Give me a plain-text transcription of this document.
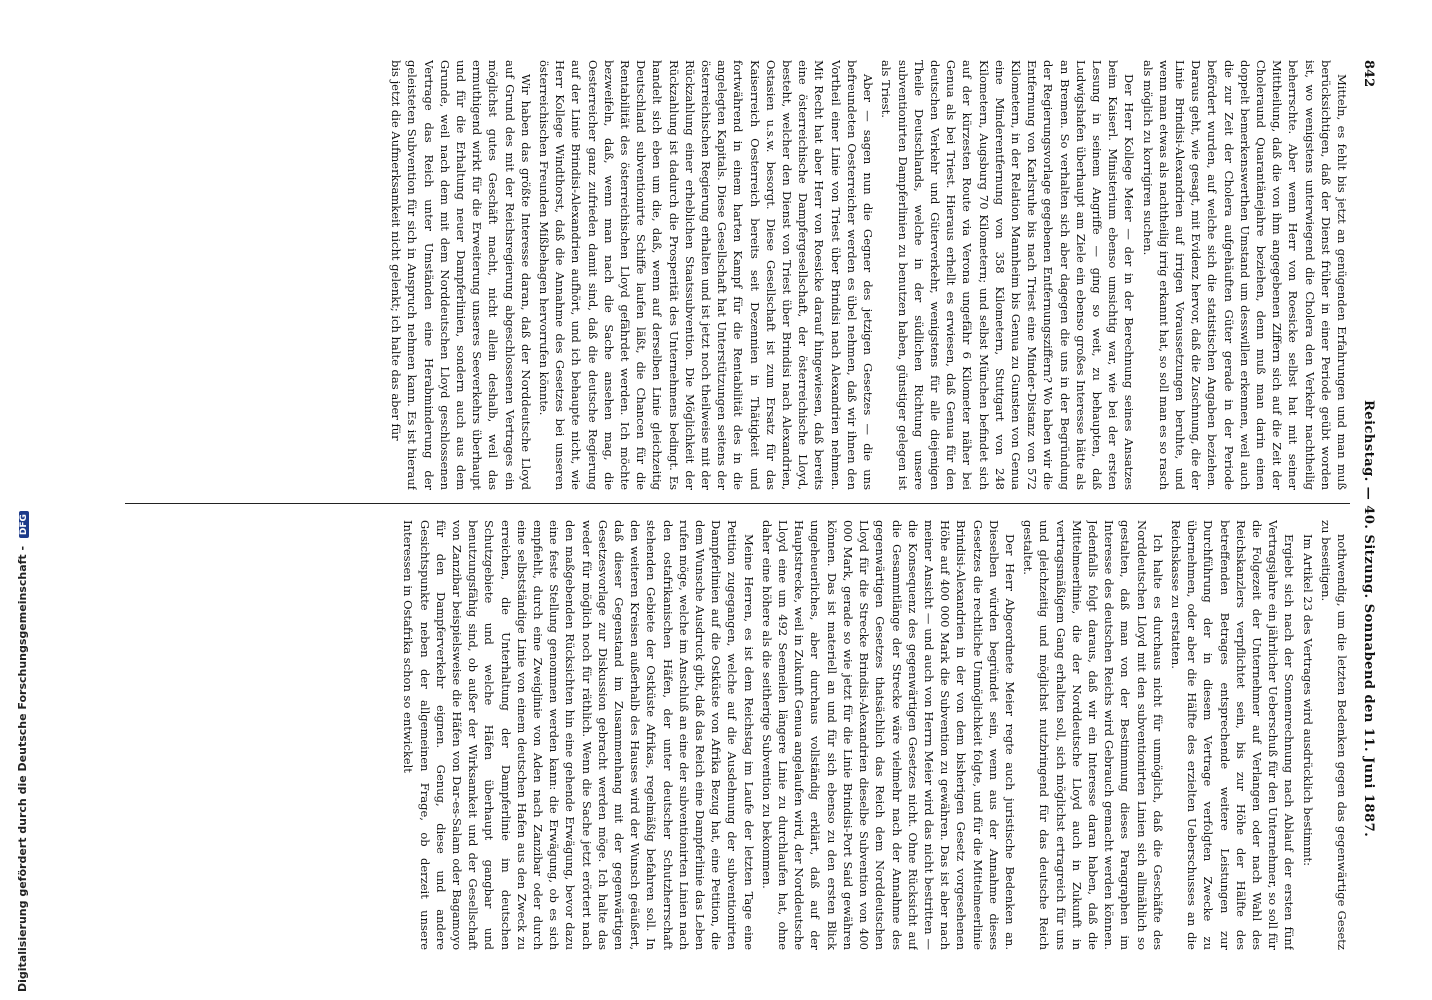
842
Reichstag. — 40. Sitzung. Sonnabend den 11. Juni 1887.

Mitteln, es fehlt bis jetzt an genügenden Erfahrungen und man muß berücksichtigen, daß der Dienst früher in einer Periode geübt worden ist, wo wenigstens unterwiegend die Cholera den Verkehr nachtheilig beherrschte. Aber wenn Herr von Roesicke selbst hat mit seiner Mittheilung, daß die von ihm angegebenen Ziffern sich auf die Zeit der Choleraund Quarantänejahre beziehen, denn muß man darin einen doppelt bemerkenswerthen Umstand um desswillen erkennen, weil auch die zur Zeit der Cholera aufgehäuften Güter gerade in der Periode befördert wurden, auf welche sich die statistischen Angaben beziehen. Daraus geht, wie gesagt, mit Evidenz hervor, daß die Zuschnung, die der Linie Brindisi-Alexandrien auf irrigen Voraussetzungen beruhte, und wenn man etwas als nachtheilig irrig erkannt hat, so soll man es so rasch als möglich zu korrigiren suchen.

Der Herr Kollege Meier — der in der Berechnung seines Ansatzes beim Kaiserl. Ministerium ebenso umsichtig war, wie bei der ersten Lesung in seinem Angriffe — ging so weit, zu behaupten, daß Ludwigshafen überhaupt am Ziele ein ebenso großes Interesse hätte als an Bremen. So verhalten sich aber dagegen die uns in der Begründung der Regierungsvorlage gegebenen Entfernungsziffern? Wo haben wir die Entfernung von Karlsruhe bis nach Triest eine Minder-Distanz von 572 Kilometern, in der Relation Mannheim bis Genua zu Gunsten von Genua eine Minderentfernung von 358 Kilometern, Stuttgart von 248 Kilometern, Augsburg 70 Kilometern; und selbst München befindet sich auf der kürzesten Route via Verona ungefähr 6 Kilometer näher bei Genua als bei Triest. Hieraus erhellt es erwiesen, daß Genua für den deutschen Verkehr und Güterverkehr, wenigstens für alle diejenigen Theile Deutschlands, welche in der südlichen Richtung unsere subventionirten Dampferlinien zu benutzen haben, günstiger gelegen ist als Triest.

Aber — sagen nun die Gegner des jetzigen Gesetzes — die uns befreundeten Oesterreicher werden es übel nehmen, daß wir ihnen den Vortheil einer Linie von Triest über Brindisi nach Alexandrien nehmen. Mit Recht hat aber Herr von Roesicke darauf hingewiesen, daß bereits eine österreichische Dampfergesellschaft, der österreichische Lloyd, besteht, welcher den Dienst von Triest über Brindisi nach Alexandrien, Ostasien u.s.w. besorgt. Diese Gesellschaft ist zum Ersatz für das Kaiserreich Oesterreich bereits seit Dezennien in Thätigkeit und fortwährend in einem harten Kampf für die Rentabilität des in die angelegten Kapitals. Diese Gesellschaft hat Unterstützungen seitens der österreichischen Regierung erhalten und ist jetzt noch theilweise mit der Rückzahlung einer erheblichen Staatssubvention. Die Möglichkeit der Rückzahlung ist dadurch die Prosperität des Unternehmens bedingt. Es handelt sich eben um die, daß, wenn auf derselben Linie gleichzeitig Deutschland subventionirte Schiffe laufen läßt, die Chancen für die Rentabilität des österreichischen Lloyd gefährdet werden. Ich möchte bezweifeln, daß, wenn man nach die Sache ansehen mag, die Oesterreicher ganz zufrieden damit sind, daß die deutsche Regierung auf der Linie Brindisi-Alexandrien aufhört, und ich behaupte nicht, wie Herr Kollege Windthorst, daß die Annahme des Gesetzes bei unseren österreichischen Freunden Mißbehagen hervorrufen könnte.

Wir haben das größte Interesse daran, daß der Norddeutsche Lloyd auf Grund des mit der Reichsregierung abgeschlossenen Vertrages ein möglichst gutes Geschäft macht, nicht allein deshalb, weil das ermuthigend wirkt für die Erweiterung unseres Seeverkehrs überhaupt und für die Erhaltung neuer Dampferlinien, sondern auch aus dem Grunde, weil nach dem mit dem Norddeutschen Lloyd geschlossenen Vertrage das Reich unter Umständen eine Herabminderung der geleisteten Subvention für sich in Anspruch nehmen kann. Es ist hierauf bis jetzt die Aufmerksamkeit nicht gelenkt; ich halte das aber für

nothwendig, um die letzten Bedenken gegen das gegenwärtige Gesetz zu beseitigen.

Im Artikel 23 des Vertrages wird ausdrücklich bestimmt:

Ergiebt sich nach der Sonnenrechnung nach Ablauf der ersten fünf Vertragsjahre ein jährlicher Ueberschuß für den Unternehmer, so soll für die Folgezeit der Unternehmer auf Verlangen oder nach Wahl des Reichskanzlers verpflichtet sein, bis zur Höhe der Hälfte des betreffenden Betrages entsprechende weitere Leistungen zur Durchführung der in diesem Vertrage verfolgten Zwecke zu übernehmen, oder aber die Hälfte des erzielten Ueberschusses an die Reichskasse zu erstatten.

Ich halte es durchaus nicht für unmöglich, daß die Geschäfte des Norddeutschen Lloyd mit den subventionirten Linien sich allmählich so gestalten, daß man von der Bestimmung dieses Paragraphen im Interesse des deutschen Reichs wird Gebrauch gemacht werden können. Jedenfalls folgt daraus, daß wir ein Interesse daran haben, daß die Mittelmeerlinie, die der Norddeutsche Lloyd auch in Zukunft in vertragsmäßigem Gang erhalten soll, sich möglichst ertragreich für uns und gleichzeitig und möglichst nutzbringend für das deutsche Reich gestaltet.

Der Herr Abgeordnete Meier regte auch juristische Bedenken an. Dieselben würden begründet sein, wenn aus der Annahme dieses Gesetzes die rechtliche Unmöglichkeit folgte, und für die Mittelmeerlinie Brindisi-Alexandrien in der von dem bisherigen Gesetz vorgesehenen Höhe auf 400 000 Mark die Subvention zu gewähren. Das ist aber nach meiner Ansicht — und auch von Herrn Meier wird das nicht bestritten — die Konsequenz des gegenwärtigen Gesetzes nicht. Ohne Rücksicht auf die Gesammtlänge der Strecke wäre vielmehr nach der Annahme des gegenwärtigen Gesetzes thatsächlich das Reich dem Norddeutschen Lloyd für die Strecke Brindisi-Alexandrien dieselbe Subvention von 400 000 Mark, gerade so wie jetzt für die Linie Brindisi-Port Said gewähren können. Das ist materiell an und für sich ebenso zu den ersten Blick ungeheuerliches, aber durchaus vollständig erklärt, daß auf der Hauptstrecke, weil in Zukunft Genua angelaufen wird, der Norddeutsche Lloyd eine um 492 Seemeilen längere Linie zu durchlaufen hat, ohne daher eine höhere als die seitherige Subvention zu bekommen.

Meine Herren, es ist dem Reichstag im Laufe der letzten Tage eine Petition zugegangen, welche auf die Ausdehnung der subventionirten Dampferlinien auf die Ostküste von Afrika Bezug hat, eine Petition, die dem Wunsche Ausdruck gibt, daß das Reich eine Dampferlinie das Leben rufen möge, welche im Anschluß an eine der subventionirten Linien nach den ostafrikanischen Häfen, der unter deutscher Schutzherrschaft stehenden Gebiete der Ostküste Afrikas, regelmäßig befahren soll. In den weiteren Kreisen außerhalb des Hauses wird der Wunsch geäußert, daß dieser Gegenstand im Zusammenhang mit der gegenwärtigen Gesetzesvorlage zur Diskussion gebracht werden möge. Ich halte das weder für möglich noch für räthlich. Wenn die Sache jetzt erörtert nach den maßgebenden Rücksichten hin eine gehende Erwägung, bevor dazu eine feste Stellung genommen werden kann: die Erwägung, ob es sich empfiehlt, durch eine Zweiglinie von Aden nach Zanzibar oder durch eine selbstständige Linie von einem deutschen Hafen aus den Zweck zu erreichen, die Unterhaltung der Dampferlinie im deutschen Schutzgebiete und welche Häfen überhaupt gangbar und benutzungsfähig sind, ob außer der Wirksamkeit und der Gesellschaft von Zanzibar beispielsweise die Häfen von Dar-es-Salam oder Bagamoyo für den Dampferverkehr eignen. Genug, diese und andere Gesichtspunkte neben der allgemeinen Frage, ob derzeit unsere Interessen in Ostafrika schon so entwickelt

Digitalisierung gefördert durch die Deutsche Forschungsgemeinschaft - DFG
